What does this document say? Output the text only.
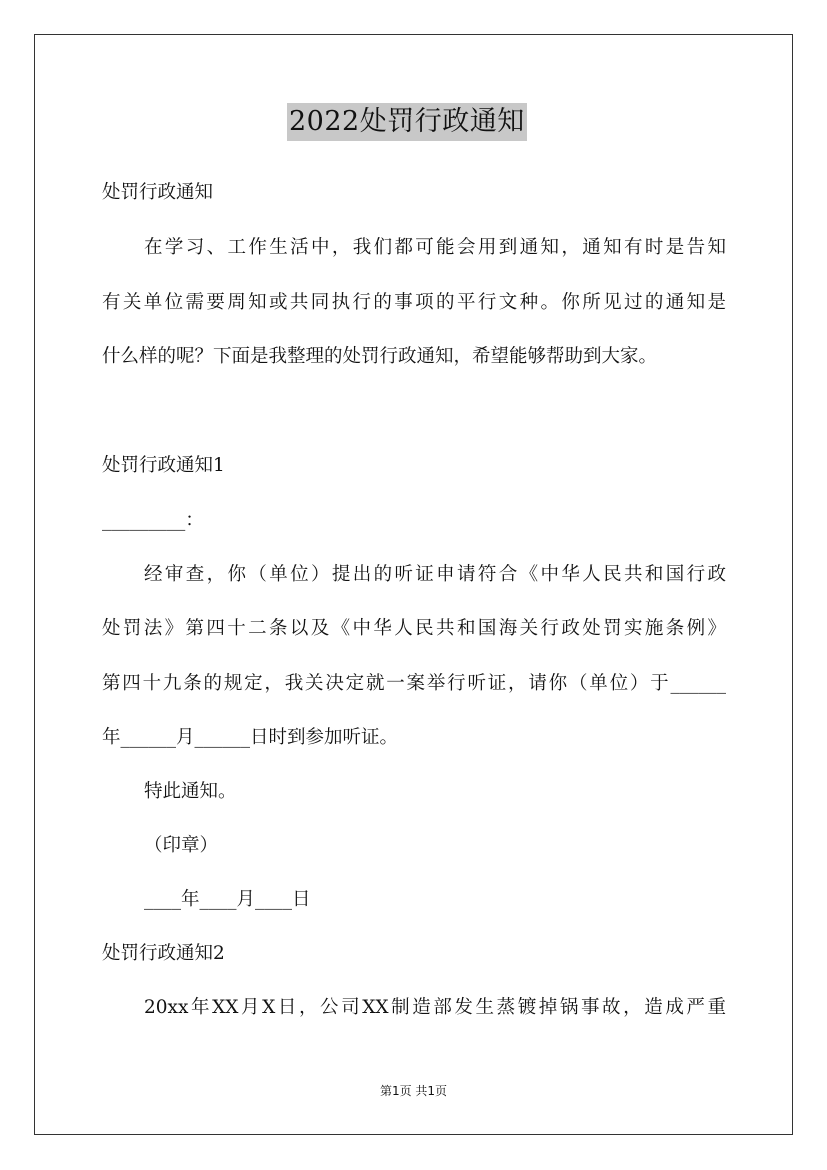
2022处罚行政通知
处罚行政通知
在学习、工作生活中，我们都可能会用到通知，通知有时是告知
有关单位需要周知或共同执行的事项的平行文种。你所见过的通知是
什么样的呢？下面是我整理的处罚行政通知，希望能够帮助到大家。
处罚行政通知1
_________：
经审查，你（单位）提出的听证申请符合《中华人民共和国行政
处罚法》第四十二条以及《中华人民共和国海关行政处罚实施条例》
第四十九条的规定，我关决定就一案举行听证，请你（单位）于______
年______月______日时到参加听证。
特此通知。
（印章）
____年____月____日
处罚行政通知2
20xx年XX月X日，公司XX制造部发生蒸镀掉锅事故，造成严重
第1页 共1页
